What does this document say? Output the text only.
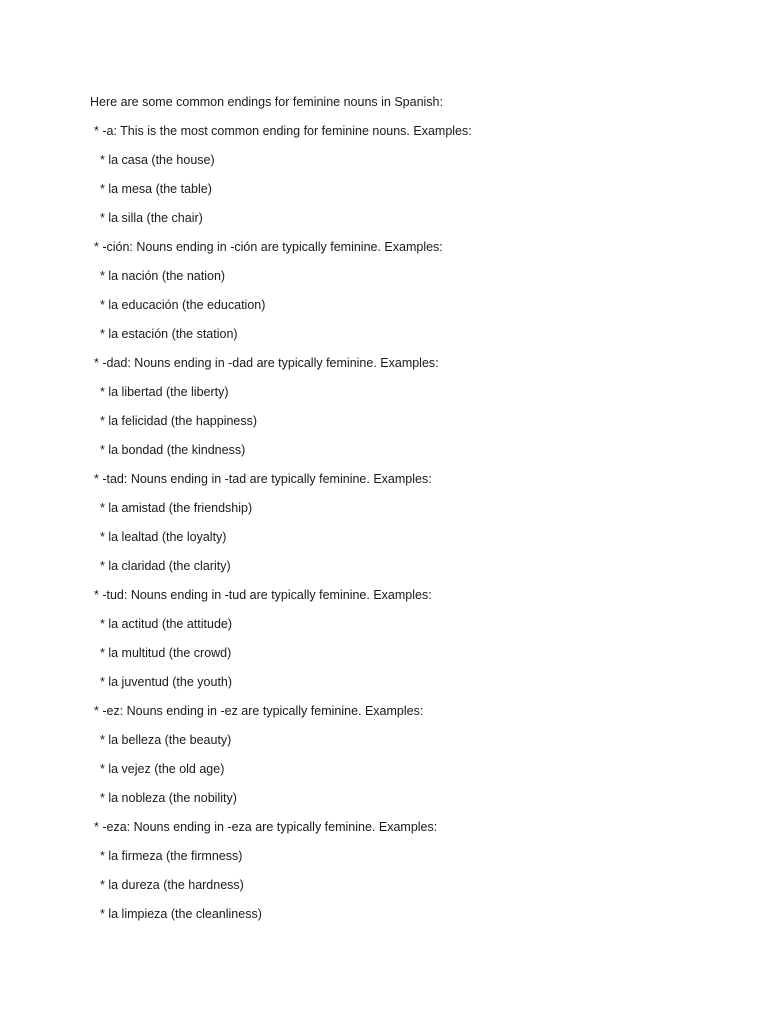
Here are some common endings for feminine nouns in Spanish:
* -a: This is the most common ending for feminine nouns. Examples:
* la casa (the house)
* la mesa (the table)
* la silla (the chair)
* -ción: Nouns ending in -ción are typically feminine. Examples:
* la nación (the nation)
* la educación (the education)
* la estación (the station)
* -dad: Nouns ending in -dad are typically feminine. Examples:
* la libertad (the liberty)
* la felicidad (the happiness)
* la bondad (the kindness)
* -tad: Nouns ending in -tad are typically feminine. Examples:
* la amistad (the friendship)
* la lealtad (the loyalty)
* la claridad (the clarity)
* -tud: Nouns ending in -tud are typically feminine. Examples:
* la actitud (the attitude)
* la multitud (the crowd)
* la juventud (the youth)
* -ez: Nouns ending in -ez are typically feminine. Examples:
* la belleza (the beauty)
* la vejez (the old age)
* la nobleza (the nobility)
* -eza: Nouns ending in -eza are typically feminine. Examples:
* la firmeza (the firmness)
* la dureza (the hardness)
* la limpieza (the cleanliness)
